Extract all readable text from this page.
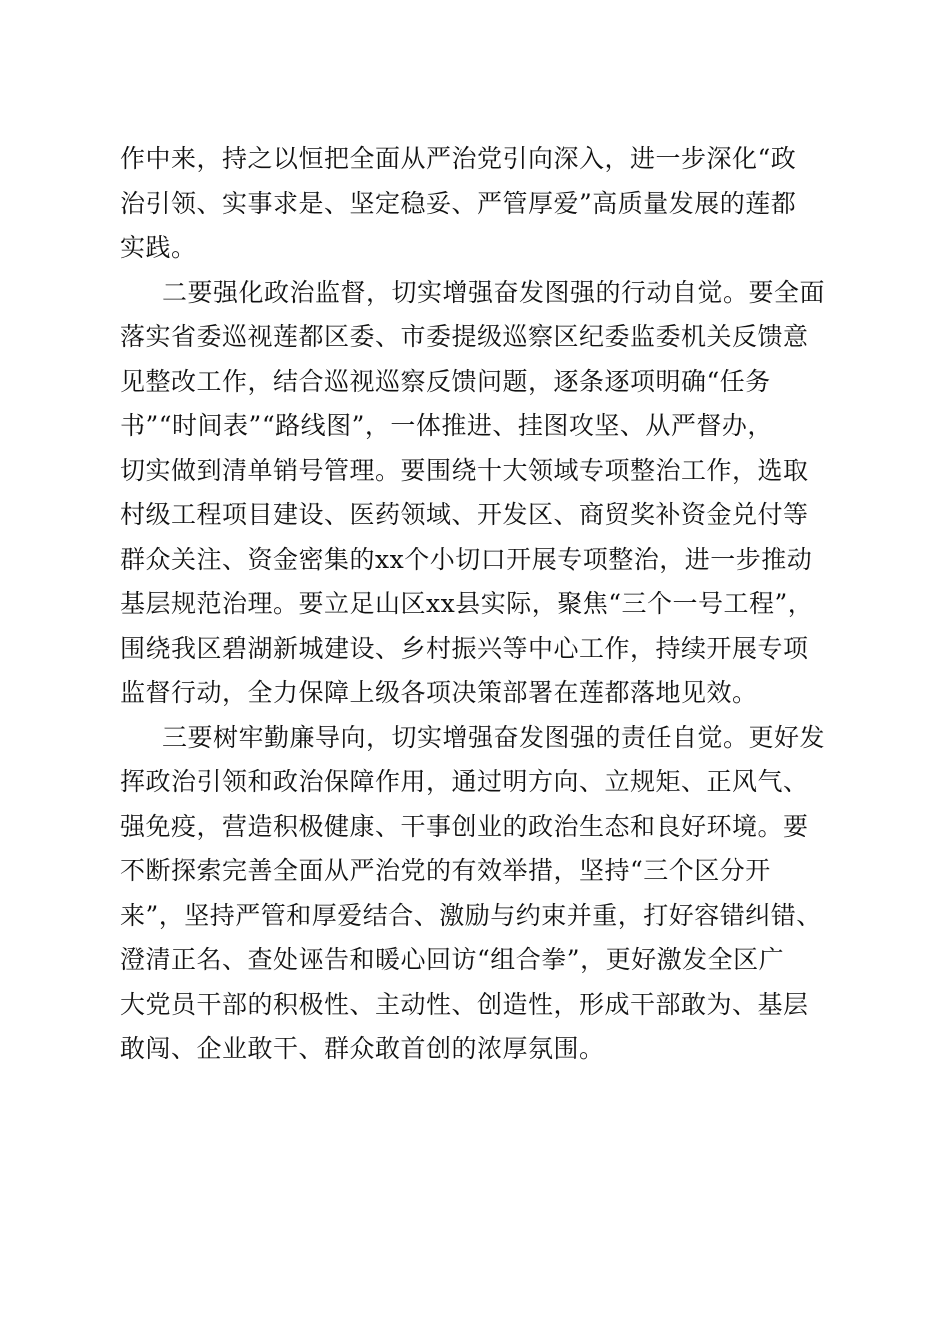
作中来，持之以恒把全面从严治党引向深入，进一步深化“政
治引领、实事求是、坚定稳妥、严管厚爱”高质量发展的莲都
实践。
二要强化政治监督，切实增强奋发图强的行动自觉。要全面
落实省委巡视莲都区委、市委提级巡察区纪委监委机关反馈意
见整改工作，结合巡视巡察反馈问题，逐条逐项明确“任务
书”“时间表”“路线图”，一体推进、挂图攻坚、从严督办，
切实做到清单销号管理。要围绕十大领域专项整治工作，选取
村级工程项目建设、医药领域、开发区、商贸奖补资金兑付等
群众关注、资金密集的xx个小切口开展专项整治，进一步推动
基层规范治理。要立足山区xx县实际，聚焦“三个一号工程”，
围绕我区碧湖新城建设、乡村振兴等中心工作，持续开展专项
监督行动，全力保障上级各项决策部署在莲都落地见效。
三要树牢勤廉导向，切实增强奋发图强的责任自觉。更好发
挥政治引领和政治保障作用，通过明方向、立规矩、正风气、
强免疫，营造积极健康、干事创业的政治生态和良好环境。要
不断探索完善全面从严治党的有效举措，坚持“三个区分开
来”，坚持严管和厚爱结合、激励与约束并重，打好容错纠错、
澄清正名、查处诬告和暖心回访“组合拳”，更好激发全区广
大党员干部的积极性、主动性、创造性，形成干部敢为、基层
敢闯、企业敢干、群众敢首创的浓厚氛围。
